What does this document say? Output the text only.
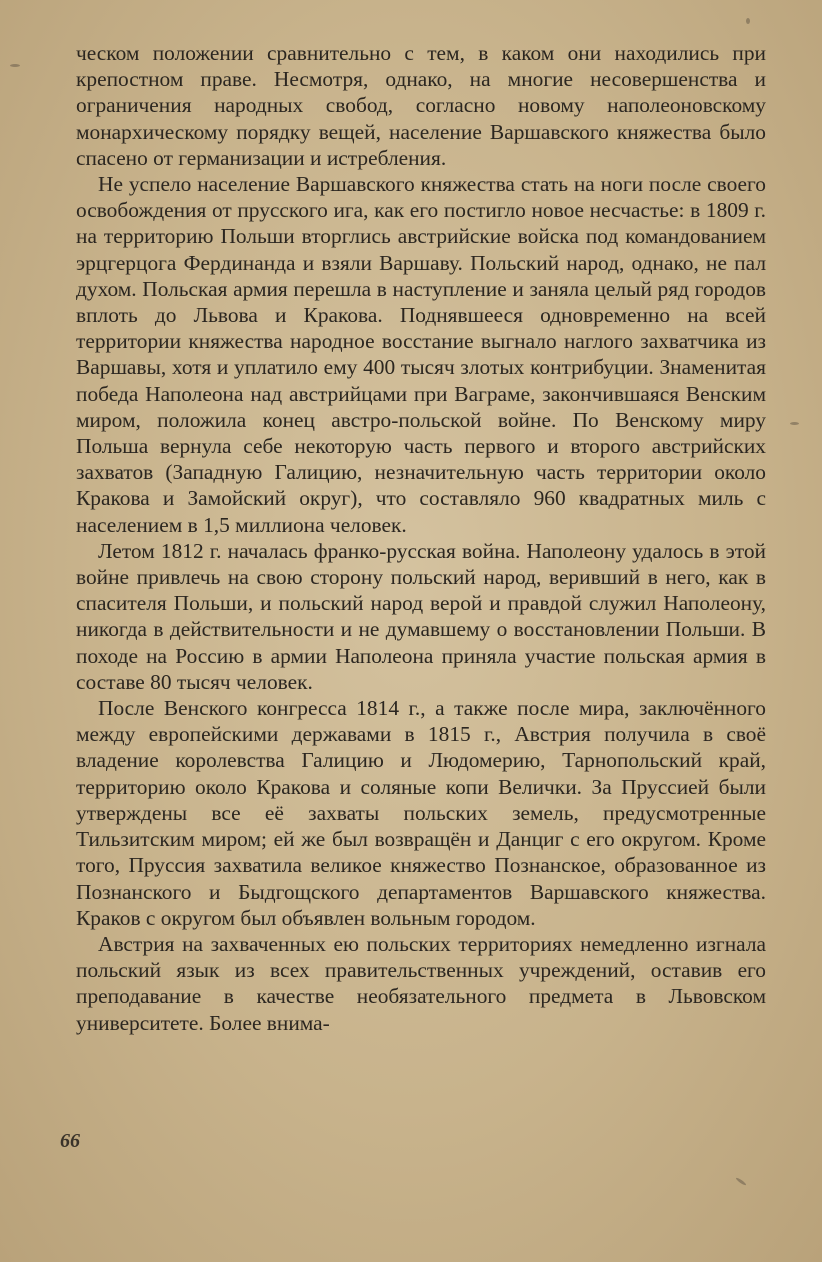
ческом положении сравнительно с тем, в каком они находились при крепостном праве. Несмотря, однако, на многие несовершенства и ограничения народных свобод, согласно новому наполеоновскому монархическому порядку вещей, население Варшавского княжества было спасено от германизации и истребления.

Не успело население Варшавского княжества стать на ноги после своего освобождения от прусского ига, как его постигло новое несчастье: в 1809 г. на территорию Польши вторглись австрийские войска под командованием эрцгерцога Фердинанда и взяли Варшаву. Польский народ, однако, не пал духом. Польская армия перешла в наступление и заняла целый ряд городов вплоть до Львова и Кракова. Поднявшееся одновременно на всей территории княжества народное восстание выгнало наглого захватчика из Варшавы, хотя и уплатило ему 400 тысяч злотых контрибуции. Знаменитая победа Наполеона над австрийцами при Ваграме, закончившаяся Венским миром, положила конец австро-польской войне. По Венскому миру Польша вернула себе некоторую часть первого и второго австрийских захватов (Западную Галицию, незначительную часть территории около Кракова и Замойский округ), что составляло 960 квадратных миль с населением в 1,5 миллиона человек.

Летом 1812 г. началась франко-русская война. Наполеону удалось в этой войне привлечь на свою сторону польский народ, веривший в него, как в спасителя Польши, и польский народ верой и правдой служил Наполеону, никогда в действительности и не думавшему о восстановлении Польши. В походе на Россию в армии Наполеона приняла участие польская армия в составе 80 тысяч человек.

После Венского конгресса 1814 г., а также после мира, заключённого между европейскими державами в 1815 г., Австрия получила в своё владение королевства Галицию и Людомерию, Тарнопольский край, территорию около Кракова и соляные копи Велички. За Пруссией были утверждены все её захваты польских земель, предусмотренные Тильзитским миром; ей же был возвращён и Данциг с его округом. Кроме того, Пруссия захватила великое княжество Познанское, образованное из Познанского и Быдгощского департаментов Варшавского княжества. Краков с округом был объявлен вольным городом.

Австрия на захваченных ею польских территориях немедленно изгнала польский язык из всех правительственных учреждений, оставив его преподавание в качестве необязательного предмета в Львовском университете. Более внима-

66
